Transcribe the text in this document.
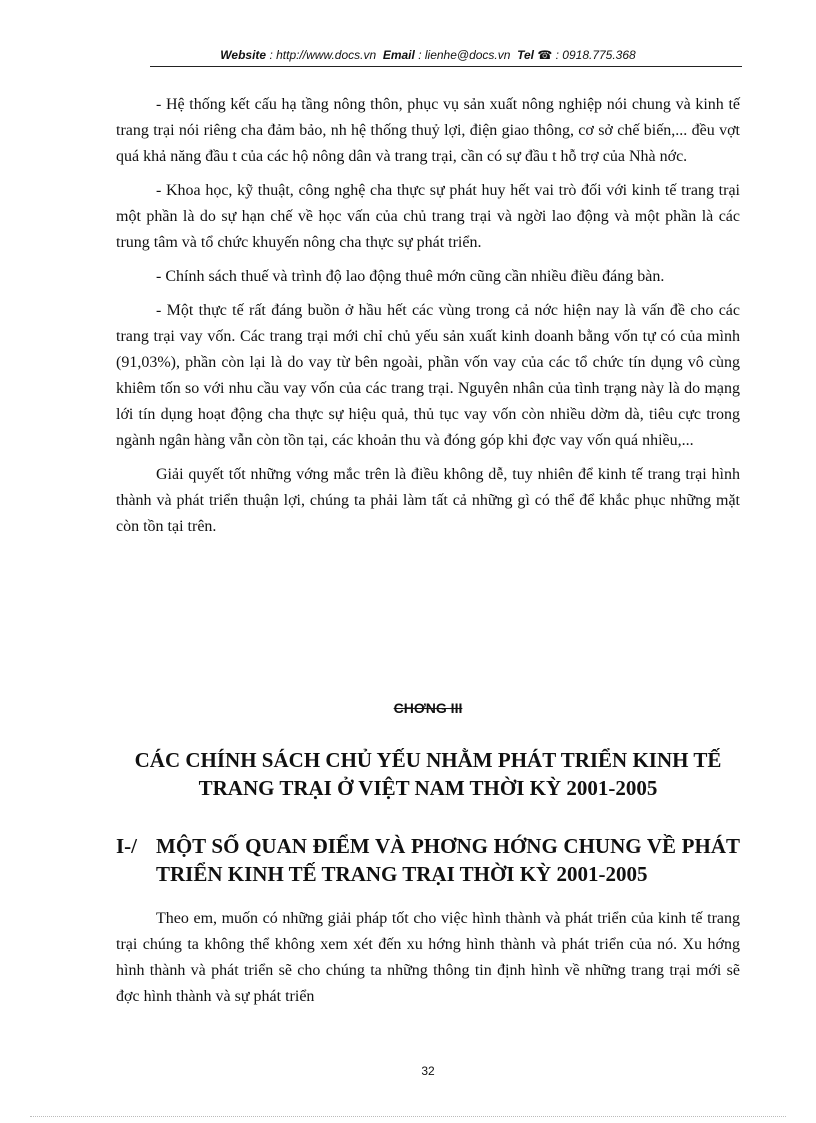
Website : http://www.docs.vn Email : lienhe@docs.vn Tel ☎ : 0918.775.368

- Hệ thống kết cấu hạ tầng nông thôn, phục vụ sản xuất nông nghiệp nói chung và kinh tế trang trại nói riêng cha đảm bảo, nh hệ thống thuỷ lợi, điện giao thông, cơ sở chế biến,... đều vợt quá khả năng đầu t của các hộ nông dân và trang trại, cần có sự đầu t hỗ trợ của Nhà nớc.

- Khoa học, kỹ thuật, công nghệ cha thực sự phát huy hết vai trò đối với kinh tế trang trại một phần là do sự hạn chế về học vấn của chủ trang trại và ngời lao động và một phần là các trung tâm và tổ chức khuyến nông cha thực sự phát triển.

- Chính sách thuế và trình độ lao động thuê mớn cũng cần nhiều điều đáng bàn.

- Một thực tế rất đáng buồn ở hầu hết các vùng trong cả nớc hiện nay là vấn đề cho các trang trại vay vốn. Các trang trại mới chỉ chủ yếu sản xuất kinh doanh bằng vốn tự có của mình (91,03%), phần còn lại là do vay từ bên ngoài, phần vốn vay của các tổ chức tín dụng vô cùng khiêm tốn so với nhu cầu vay vốn của các trang trại. Nguyên nhân của tình trạng này là do mạng lới tín dụng hoạt động cha thực sự hiệu quả, thủ tục vay vốn còn nhiều dờm dà, tiêu cực trong ngành ngân hàng vẫn còn tồn tại, các khoản thu và đóng góp khi đợc vay vốn quá nhiều,...

Giải quyết tốt những vớng mắc trên là điều không dễ, tuy nhiên để kinh tế trang trại hình thành và phát triển thuận lợi, chúng ta phải làm tất cả những gì có thể để khắc phục những mặt còn tồn tại trên.

CHƠNG III
CÁC CHÍNH SÁCH CHỦ YẾU NHẰM PHÁT TRIỂN KINH TẾ TRANG TRẠI Ở VIỆT NAM THỜI KỲ 2001-2005
I-/ MỘT SỐ QUAN ĐIỂM VÀ PHƠNG HỚNG CHUNG VỀ PHÁT TRIỂN KINH TẾ TRANG TRẠI THỜI KỲ 2001-2005

Theo em, muốn có những giải pháp tốt cho việc hình thành và phát triển của kinh tế trang trại chúng ta không thể không xem xét đến xu hớng hình thành và phát triển của nó. Xu hớng hình thành và phát triển sẽ cho chúng ta những thông tin định hình về những trang trại mới sẽ đợc hình thành và sự phát triển

32
